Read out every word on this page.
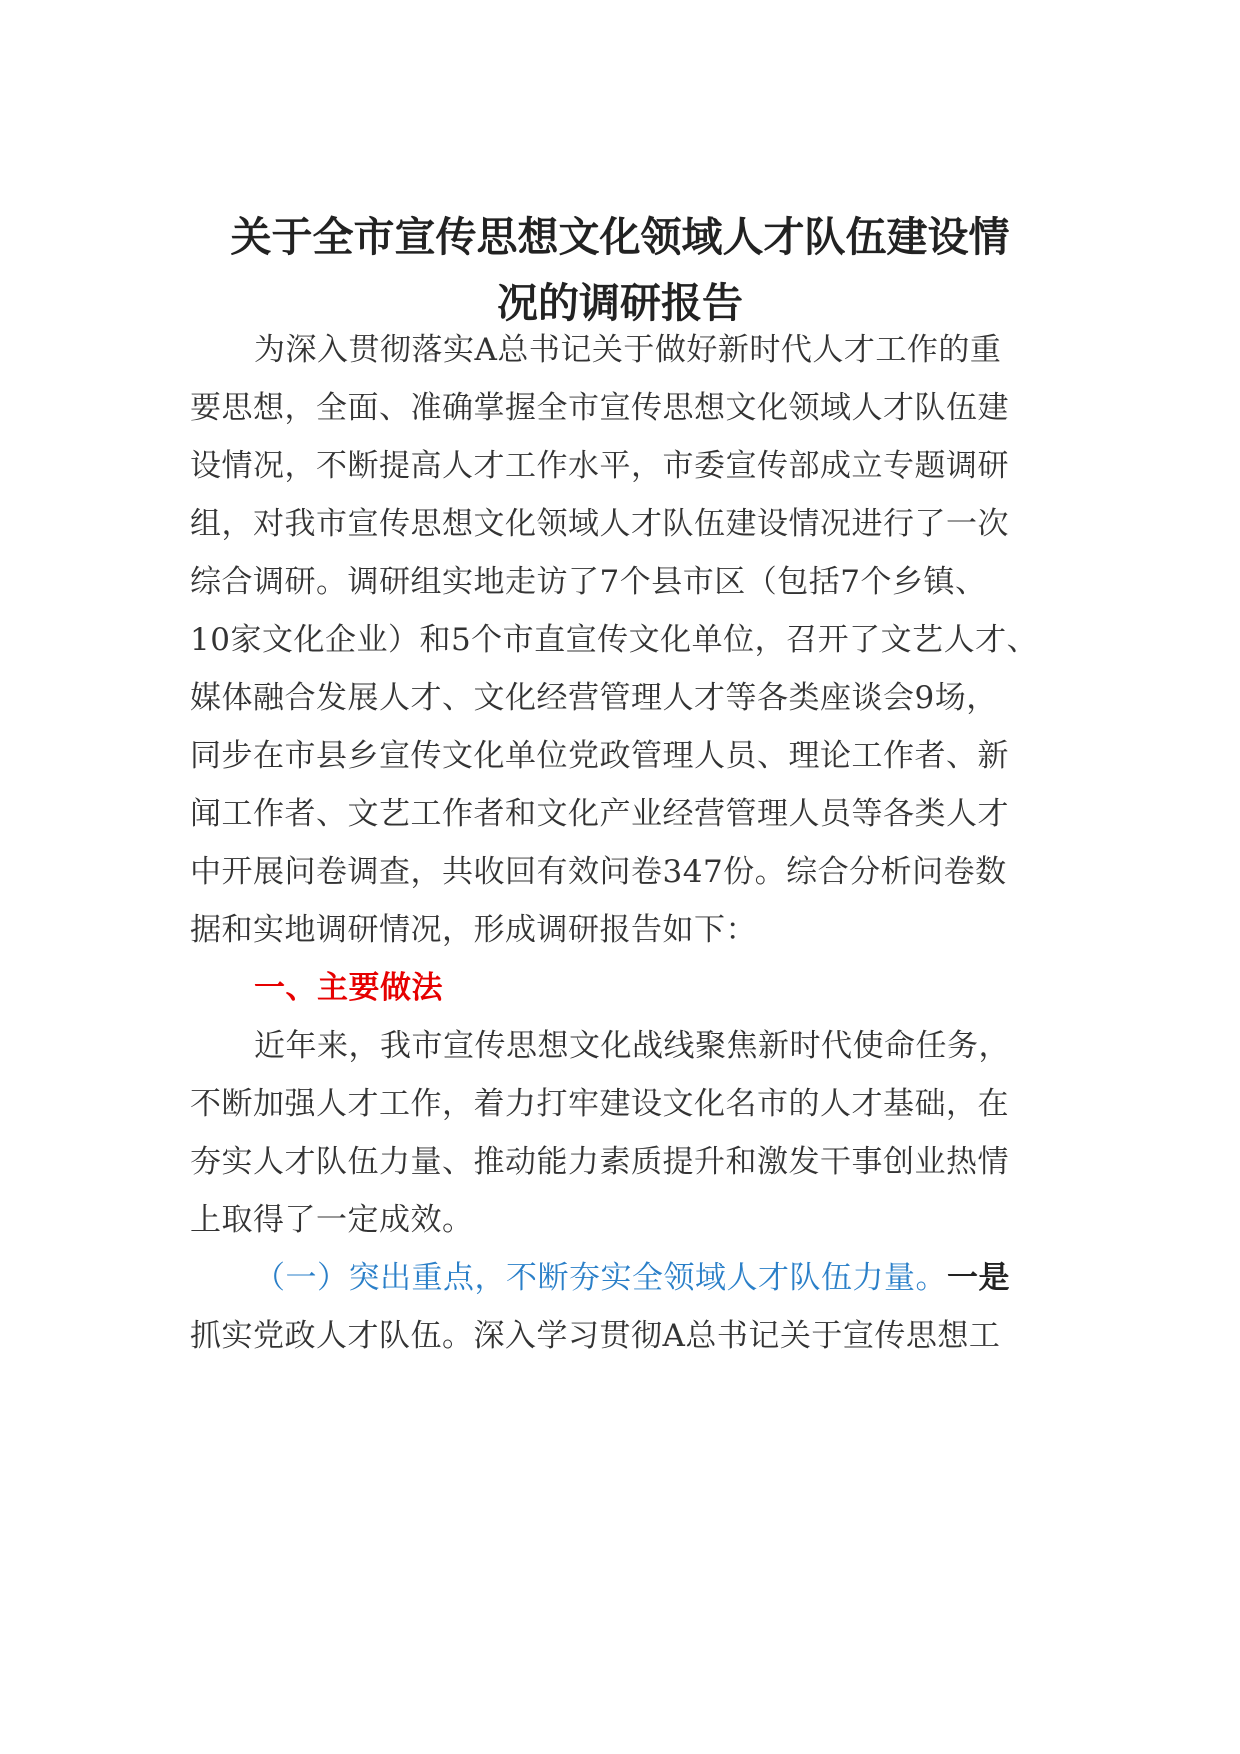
关于全市宣传思想文化领域人才队伍建设情
况的调研报告
为深入贯彻落实A总书记关于做好新时代人才工作的重
要思想，全面、准确掌握全市宣传思想文化领域人才队伍建
设情况，不断提高人才工作水平，市委宣传部成立专题调研
组，对我市宣传思想文化领域人才队伍建设情况进行了一次
综合调研。调研组实地走访了7个县市区（包括7个乡镇、
10家文化企业）和5个市直宣传文化单位，召开了文艺人才、
媒体融合发展人才、文化经营管理人才等各类座谈会9场，
同步在市县乡宣传文化单位党政管理人员、理论工作者、新
闻工作者、文艺工作者和文化产业经营管理人员等各类人才
中开展问卷调查，共收回有效问卷347份。综合分析问卷数
据和实地调研情况，形成调研报告如下：
一、主要做法
近年来，我市宣传思想文化战线聚焦新时代使命任务，
不断加强人才工作，着力打牢建设文化名市的人才基础，在
夯实人才队伍力量、推动能力素质提升和激发干事创业热情
上取得了一定成效。
（一）突出重点，不断夯实全领域人才队伍力量。一是
抓实党政人才队伍。深入学习贯彻A总书记关于宣传思想工
